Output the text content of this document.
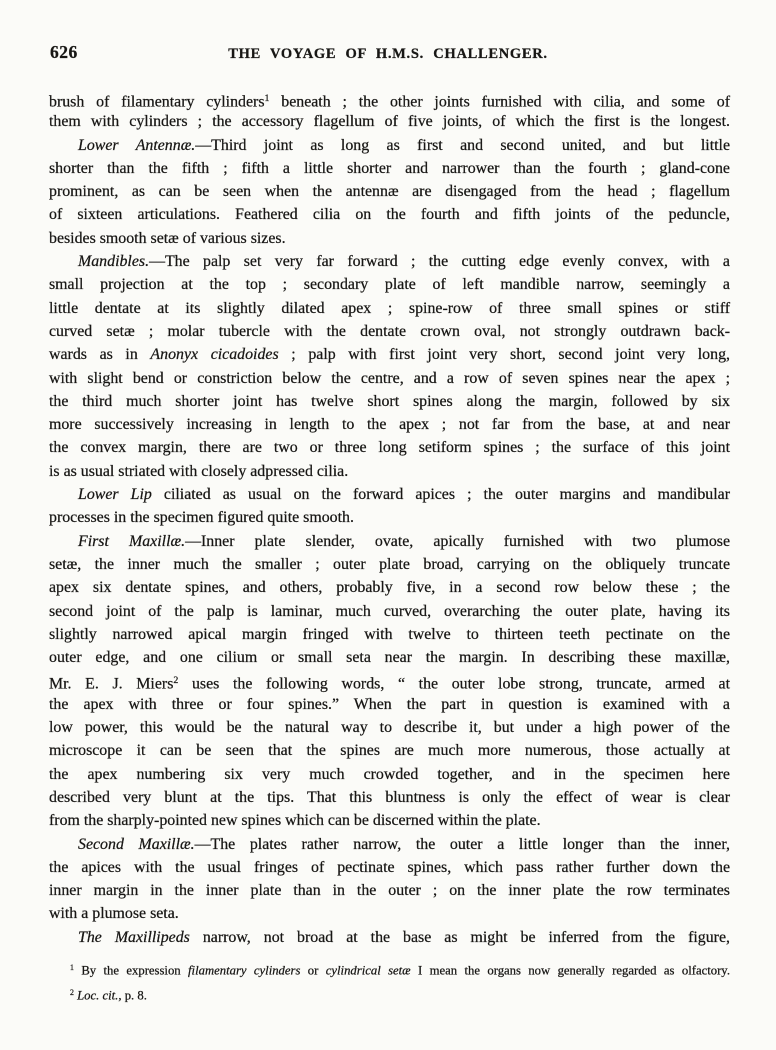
626	THE VOYAGE OF H.M.S. CHALLENGER.
brush of filamentary cylinders$^1$ beneath ; the other joints furnished with cilia, and some of
them with cylinders ; the accessory flagellum of five joints, of which the first is the longest.
Lower Antennæ.—Third joint as long as first and second united, and but little
shorter than the fifth ; fifth a little shorter and narrower than the fourth ; gland-cone
prominent, as can be seen when the antennæ are disengaged from the head ; flagellum
of sixteen articulations. Feathered cilia on the fourth and fifth joints of the peduncle,
besides smooth setæ of various sizes.
Mandibles.—The palp set very far forward ; the cutting edge evenly convex, with a
small projection at the top ; secondary plate of left mandible narrow, seemingly a
little dentate at its slightly dilated apex ; spine-row of three small spines or stiff
curved setæ ; molar tubercle with the dentate crown oval, not strongly outdrawn back-
wards as in Anonyx cicadoides ; palp with first joint very short, second joint very long,
with slight bend or constriction below the centre, and a row of seven spines near the apex ;
the third much shorter joint has twelve short spines along the margin, followed by six
more successively increasing in length to the apex ; not far from the base, at and near
the convex margin, there are two or three long setiform spines ; the surface of this joint
is as usual striated with closely adpressed cilia.
Lower Lip ciliated as usual on the forward apices ; the outer margins and mandibular
processes in the specimen figured quite smooth.
First Maxillæ.—Inner plate slender, ovate, apically furnished with two plumose
setæ, the inner much the smaller ; outer plate broad, carrying on the obliquely truncate
apex six dentate spines, and others, probably five, in a second row below these ; the
second joint of the palp is laminar, much curved, overarching the outer plate, having its
slightly narrowed apical margin fringed with twelve to thirteen teeth pectinate on the
outer edge, and one cilium or small seta near the margin. In describing these maxillæ,
Mr. E. J. Miers$^2$ uses the following words, “ the outer lobe strong, truncate, armed at
the apex with three or four spines.” When the part in question is examined with a
low power, this would be the natural way to describe it, but under a high power of the
microscope it can be seen that the spines are much more numerous, those actually at
the apex numbering six very much crowded together, and in the specimen here
described very blunt at the tips. That this bluntness is only the effect of wear is clear
from the sharply-pointed new spines which can be discerned within the plate.
Second Maxillæ.—The plates rather narrow, the outer a little longer than the inner,
the apices with the usual fringes of pectinate spines, which pass rather further down the
inner margin in the inner plate than in the outer ; on the inner plate the row terminates
with a plumose seta.
The Maxillipeds narrow, not broad at the base as might be inferred from the figure,
$^1$ By the expression filamentary cylinders or cylindrical setæ I mean the organs now generally regarded as olfactory.
$^2$ Loc. cit., p. 8.
